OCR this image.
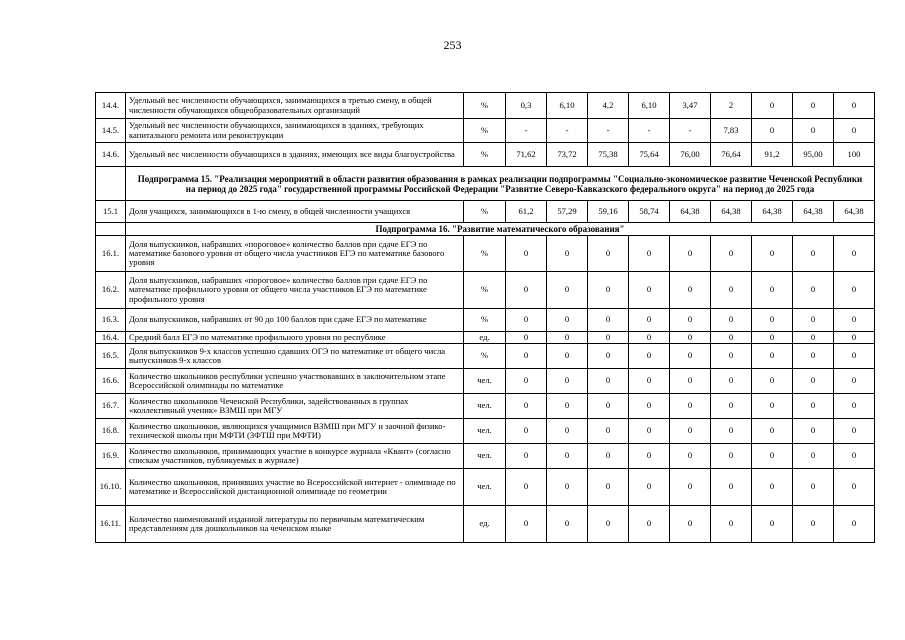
253
14.4.	Удельный вес численности обучающихся, занимающихся в третью смену, в общей численности обучающихся общеобразовательных организаций	%	0,3	6,10	4,2	6,10	3,47	2	0	0	0
14.5.	Удельный вес численности обучающихся, занимающихся в зданиях, требующих капитального ремонта или реконструкции	%	-	-	-	-	-	7,83	0	0	0
14.6.	Удельный вес численности обучающихся в зданиях, имеющих все виды благоустройства	%	71,62	73,72	75,38	75,64	76,00	76,64	91,2	95,00	100
	Подпрограмма 15. "Реализация мероприятий в области развития образования в рамках реализации подпрограммы "Социально-экономическое развитие Чеченской Республики на период до 2025 года" государственной программы Российской Федерации "Развитие Северо-Кавказского федерального округа" на период до 2025 года										
15.1	Доля учащихся, занимающихся в 1-ю смену, в общей численности учащихся	%	61,2	57,29	59,16	58,74	64,38	64,38	64,38	64,38	64,38
	Подпрограмма 16. "Развитие математического образования"										
16.1.	Доля выпускников, набравших «пороговое» количество баллов при сдаче ЕГЭ по математике базового уровня от общего числа участников ЕГЭ по математике базового уровня	%	0	0	0	0	0	0	0	0	0
16.2.	Доля выпускников, набравших «пороговое» количество баллов при сдаче ЕГЭ по математике профильного уровня от общего числа участников ЕГЭ по математике профильного уровня	%	0	0	0	0	0	0	0	0	0
16.3.	Доля выпускников, набравших от 90 до 100 баллов при сдаче ЕГЭ по математике	%	0	0	0	0	0	0	0	0	0
16.4.	Средний балл ЕГЭ по математике профильного уровня по республике	ед.	0	0	0	0	0	0	0	0	0
16.5.	Доля выпускников 9-х классов успешно сдавших ОГЭ по математике от общего числа выпускников 9-х классов	%	0	0	0	0	0	0	0	0	0
16.6.	Количество школьников республики успешно участвовавших в заключительном этапе Всероссийской олимпиады по математике	чел.	0	0	0	0	0	0	0	0	0
16.7.	Количество школьников Чеченской Республики, задействованных в группах «коллективный ученик» ВЗМШ при МГУ	чел.	0	0	0	0	0	0	0	0	0
16.8.	Количество школьников, являющихся учащимися ВЗМШ при МГУ и заочной физико-технической школы при МФТИ (ЗФТШ при МФТИ)	чел.	0	0	0	0	0	0	0	0	0
16.9.	Количество школьников, принимающих участие в конкурсе журнала «Квант» (согласно спискам участников, публикуемых в журнале)	чел.	0	0	0	0	0	0	0	0	0
16.10.	Количество школьников, принявших участие во Всероссийской интернет - олимпиаде по математике и Всероссийской дистанционной олимпиаде по геометрии	чел.	0	0	0	0	0	0	0	0	0
16.11.	Количество наименований изданной литературы по первичным математическим представлениям для дошкольников на чеченском языке	ед.	0	0	0	0	0	0	0	0	0
